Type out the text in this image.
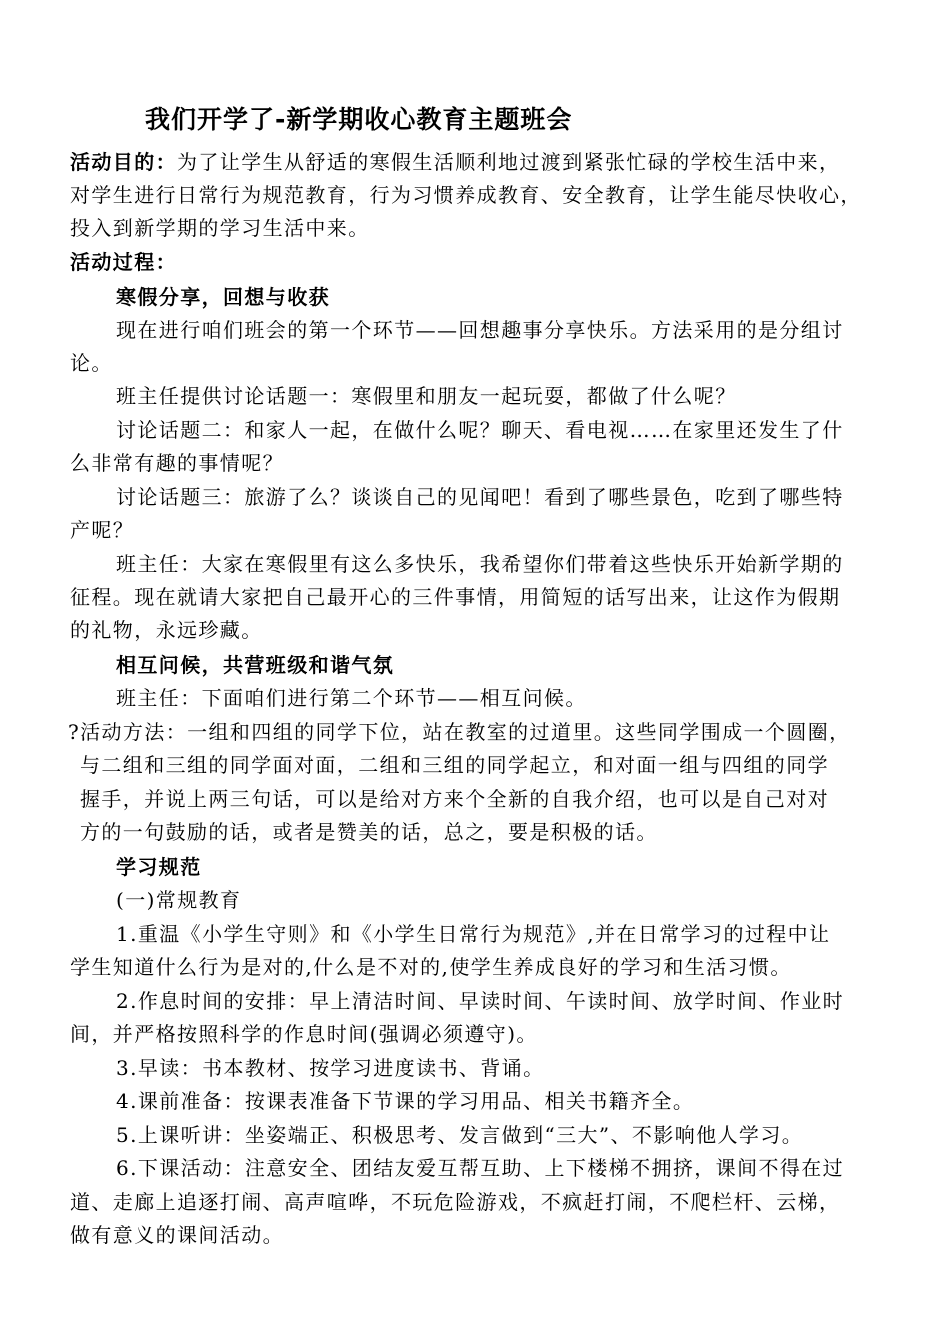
我们开学了-新学期收心教育主题班会
活动目的：为了让学生从舒适的寒假生活顺利地过渡到紧张忙碌的学校生活中来，
对学生进行日常行为规范教育，行为习惯养成教育、安全教育，让学生能尽快收心，
投入到新学期的学习生活中来。
活动过程：
寒假分享，回想与收获
现在进行咱们班会的第一个环节——回想趣事分享快乐。方法采用的是分组讨
论。
班主任提供讨论话题一：寒假里和朋友一起玩耍，都做了什么呢？
讨论话题二：和家人一起，在做什么呢？聊天、看电视……在家里还发生了什
么非常有趣的事情呢？
讨论话题三：旅游了么？谈谈自己的见闻吧！看到了哪些景色，吃到了哪些特
产呢？
班主任：大家在寒假里有这么多快乐，我希望你们带着这些快乐开始新学期的
征程。现在就请大家把自己最开心的三件事情，用简短的话写出来，让这作为假期
的礼物，永远珍藏。
相互问候，共营班级和谐气氛
班主任：下面咱们进行第二个环节——相互问候。
?活动方法：一组和四组的同学下位，站在教室的过道里。这些同学围成一个圆圈，
与二组和三组的同学面对面，二组和三组的同学起立，和对面一组与四组的同学
握手，并说上两三句话，可以是给对方来个全新的自我介绍，也可以是自己对对
方的一句鼓励的话，或者是赞美的话，总之，要是积极的话。
学习规范
(一)常规教育
1.重温《小学生守则》和《小学生日常行为规范》,并在日常学习的过程中让
学生知道什么行为是对的,什么是不对的,使学生养成良好的学习和生活习惯。
2.作息时间的安排：早上清洁时间、早读时间、午读时间、放学时间、作业时
间，并严格按照科学的作息时间(强调必须遵守)。
3.早读：书本教材、按学习进度读书、背诵。
4.课前准备：按课表准备下节课的学习用品、相关书籍齐全。
5.上课听讲：坐姿端正、积极思考、发言做到“三大”、不影响他人学习。
6.下课活动：注意安全、团结友爱互帮互助、上下楼梯不拥挤，课间不得在过
道、走廊上追逐打闹、高声喧哗，不玩危险游戏，不疯赶打闹，不爬栏杆、云梯，
做有意义的课间活动。
